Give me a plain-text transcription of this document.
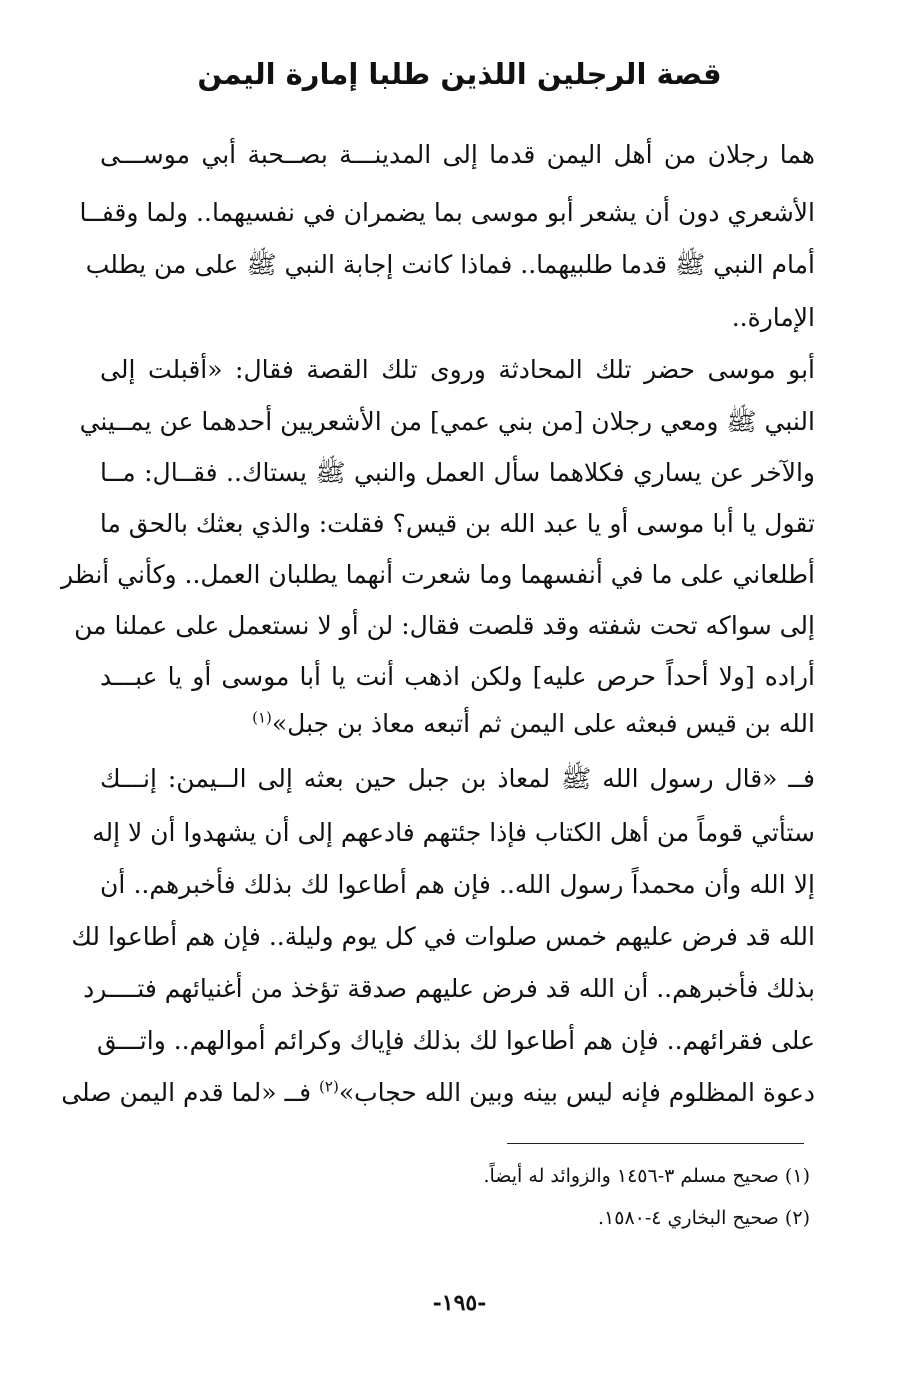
قصة الرجلين اللذين طلبا إمارة اليمن
هما رجلان من أهل اليمن قدما إلى المدينـــة بصــحبة أبي موســـى
الأشعري دون أن يشعر أبو موسى بما يضمران في نفسيهما.. ولما وقفــا
أمام النبي ﷺ قدما طلبيهما.. فماذا كانت إجابة النبي ﷺ على من يطلب
الإمارة..
أبو موسى حضر تلك المحادثة وروى تلك القصة فقال: «أقبلت إلى
النبي ﷺ ومعي رجلان [من بني عمي] من الأشعريين أحدهما عن يمــيني
والآخر عن يساري فكلاهما سأل العمل والنبي ﷺ يستاك.. فقــال: مــا
تقول يا أبا موسى أو يا عبد الله بن قيس؟ فقلت: والذي بعثك بالحق ما
أطلعاني على ما في أنفسهما وما شعرت أنهما يطلبان العمل.. وكأني أنظر
إلى سواكه تحت شفته وقد قلصت فقال: لن أو لا نستعمل على عملنا من
أراده [ولا أحداً حرص عليه] ولكن اذهب أنت يا أبا موسى أو يا عبـــد
الله بن قيس فبعثه على اليمن ثم أتبعه معاذ بن جبل»$^{(١)}$
فــ «قال رسول الله ﷺ لمعاذ بن جبل حين بعثه إلى الــيمن: إنـــك
ستأتي قوماً من أهل الكتاب فإذا جئتهم فادعهم إلى أن يشهدوا أن لا إله
إلا الله وأن محمداً رسول الله.. فإن هم أطاعوا لك بذلك فأخبرهم.. أن
الله قد فرض عليهم خمس صلوات في كل يوم وليلة.. فإن هم أطاعوا لك
بذلك فأخبرهم.. أن الله قد فرض عليهم صدقة تؤخذ من أغنيائهم فتــــرد
على فقرائهم.. فإن هم أطاعوا لك بذلك فإياك وكرائم أموالهم.. واتـــق
دعوة المظلوم فإنه ليس بينه وبين الله حجاب»$^{(٢)}$ فــ «لما قدم اليمن صلى
(١) صحيح مسلم ٣-١٤٥٦ والزوائد له أيضاً.
(٢) صحيح البخاري ٤-١٥٨٠.
-١٩٥-
